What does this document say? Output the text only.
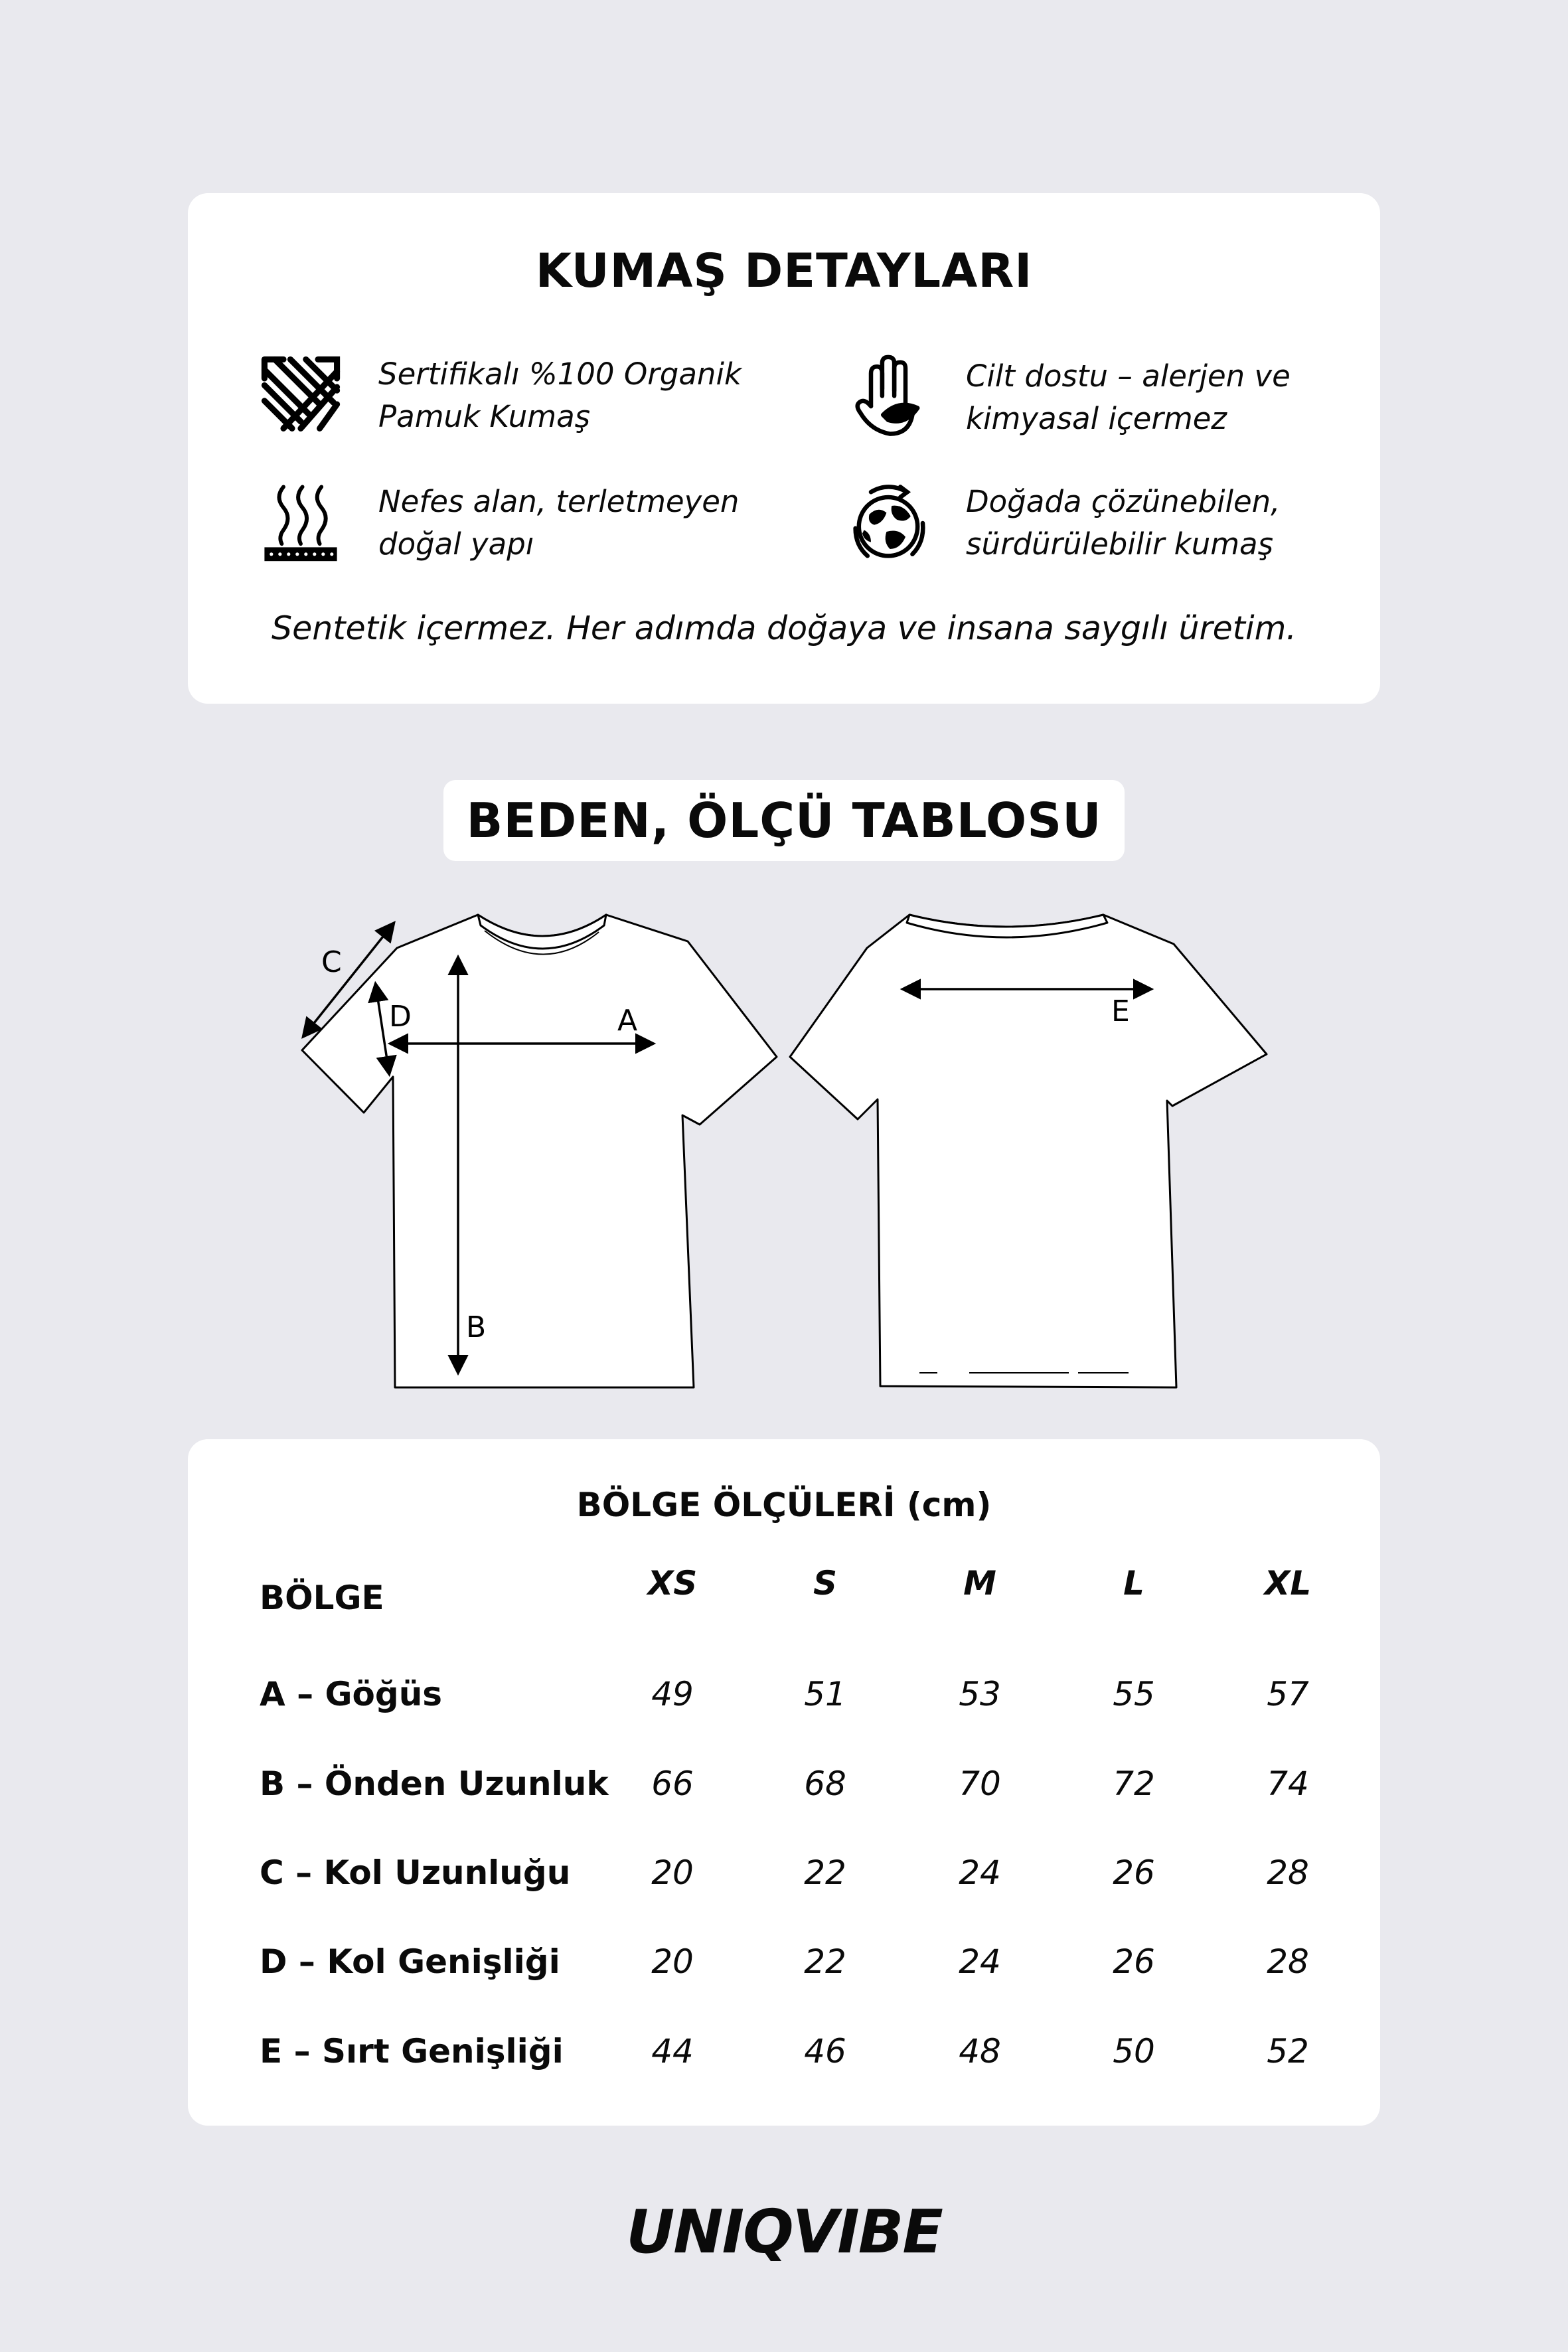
KUMAŞ DETAYLARI
Sertifikalı %100 Organik
Pamuk Kumaş
Cilt dostu – alerjen ve
kimyasal içermez
Nefes alan, terletmeyen
doğal yapı
Doğada çözünebilen,
sürdürülebilir kumaş
Sentetik içermez. Her adımda doğaya ve insana saygılı üretim.
BEDEN, ÖLÇÜ TABLOSU
A
B
C
D	E
BÖLGE ÖLÇÜLERİ (cm)
BÖLGE	XS	S	M	L	XL
A – Göğüs	49	51	53	55	57
B – Önden Uzunluk 66	68	70	72	74
C – Kol Uzunluğu 20	22	24	26	28
D – Kol Genişliği	20	22	24	26	28
E – Sırt Genişliği	44	46	48	50	52
UNIQVIBE
